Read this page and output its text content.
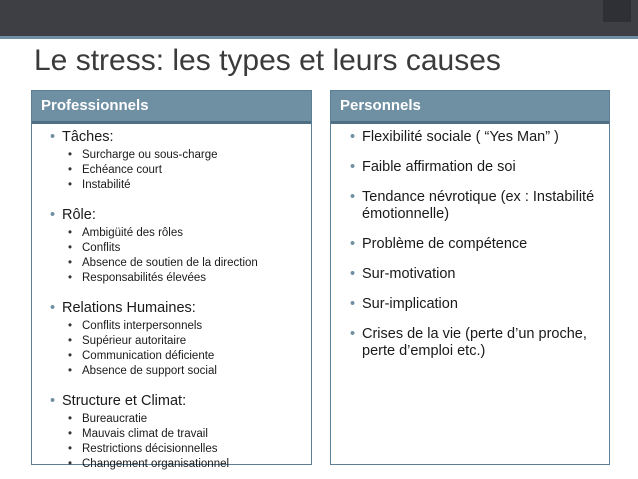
Le stress: les types et leurs causes
Professionnels
• Tâches:
• Surcharge ou sous-charge
• Echéance court
• Instabilité
• Rôle:
• Ambigüité des rôles
• Conflits
• Absence de soutien de la direction
• Responsabilités élevées
• Relations Humaines:
• Conflits interpersonnels
• Supérieur autoritaire
• Communication déficiente
• Absence de support social
• Structure et Climat:
• Bureaucratie
• Mauvais climat de travail
• Restrictions décisionnelles
• Changement organisationnel
Personnels
• Flexibilité sociale ( “Yes Man” )
• Faible affirmation de soi
• Tendance névrotique (ex : Instabilité émotionnelle)
• Problème de compétence
• Sur-motivation
• Sur-implication
• Crises de la vie (perte d’un proche, perte d’emploi etc.)
